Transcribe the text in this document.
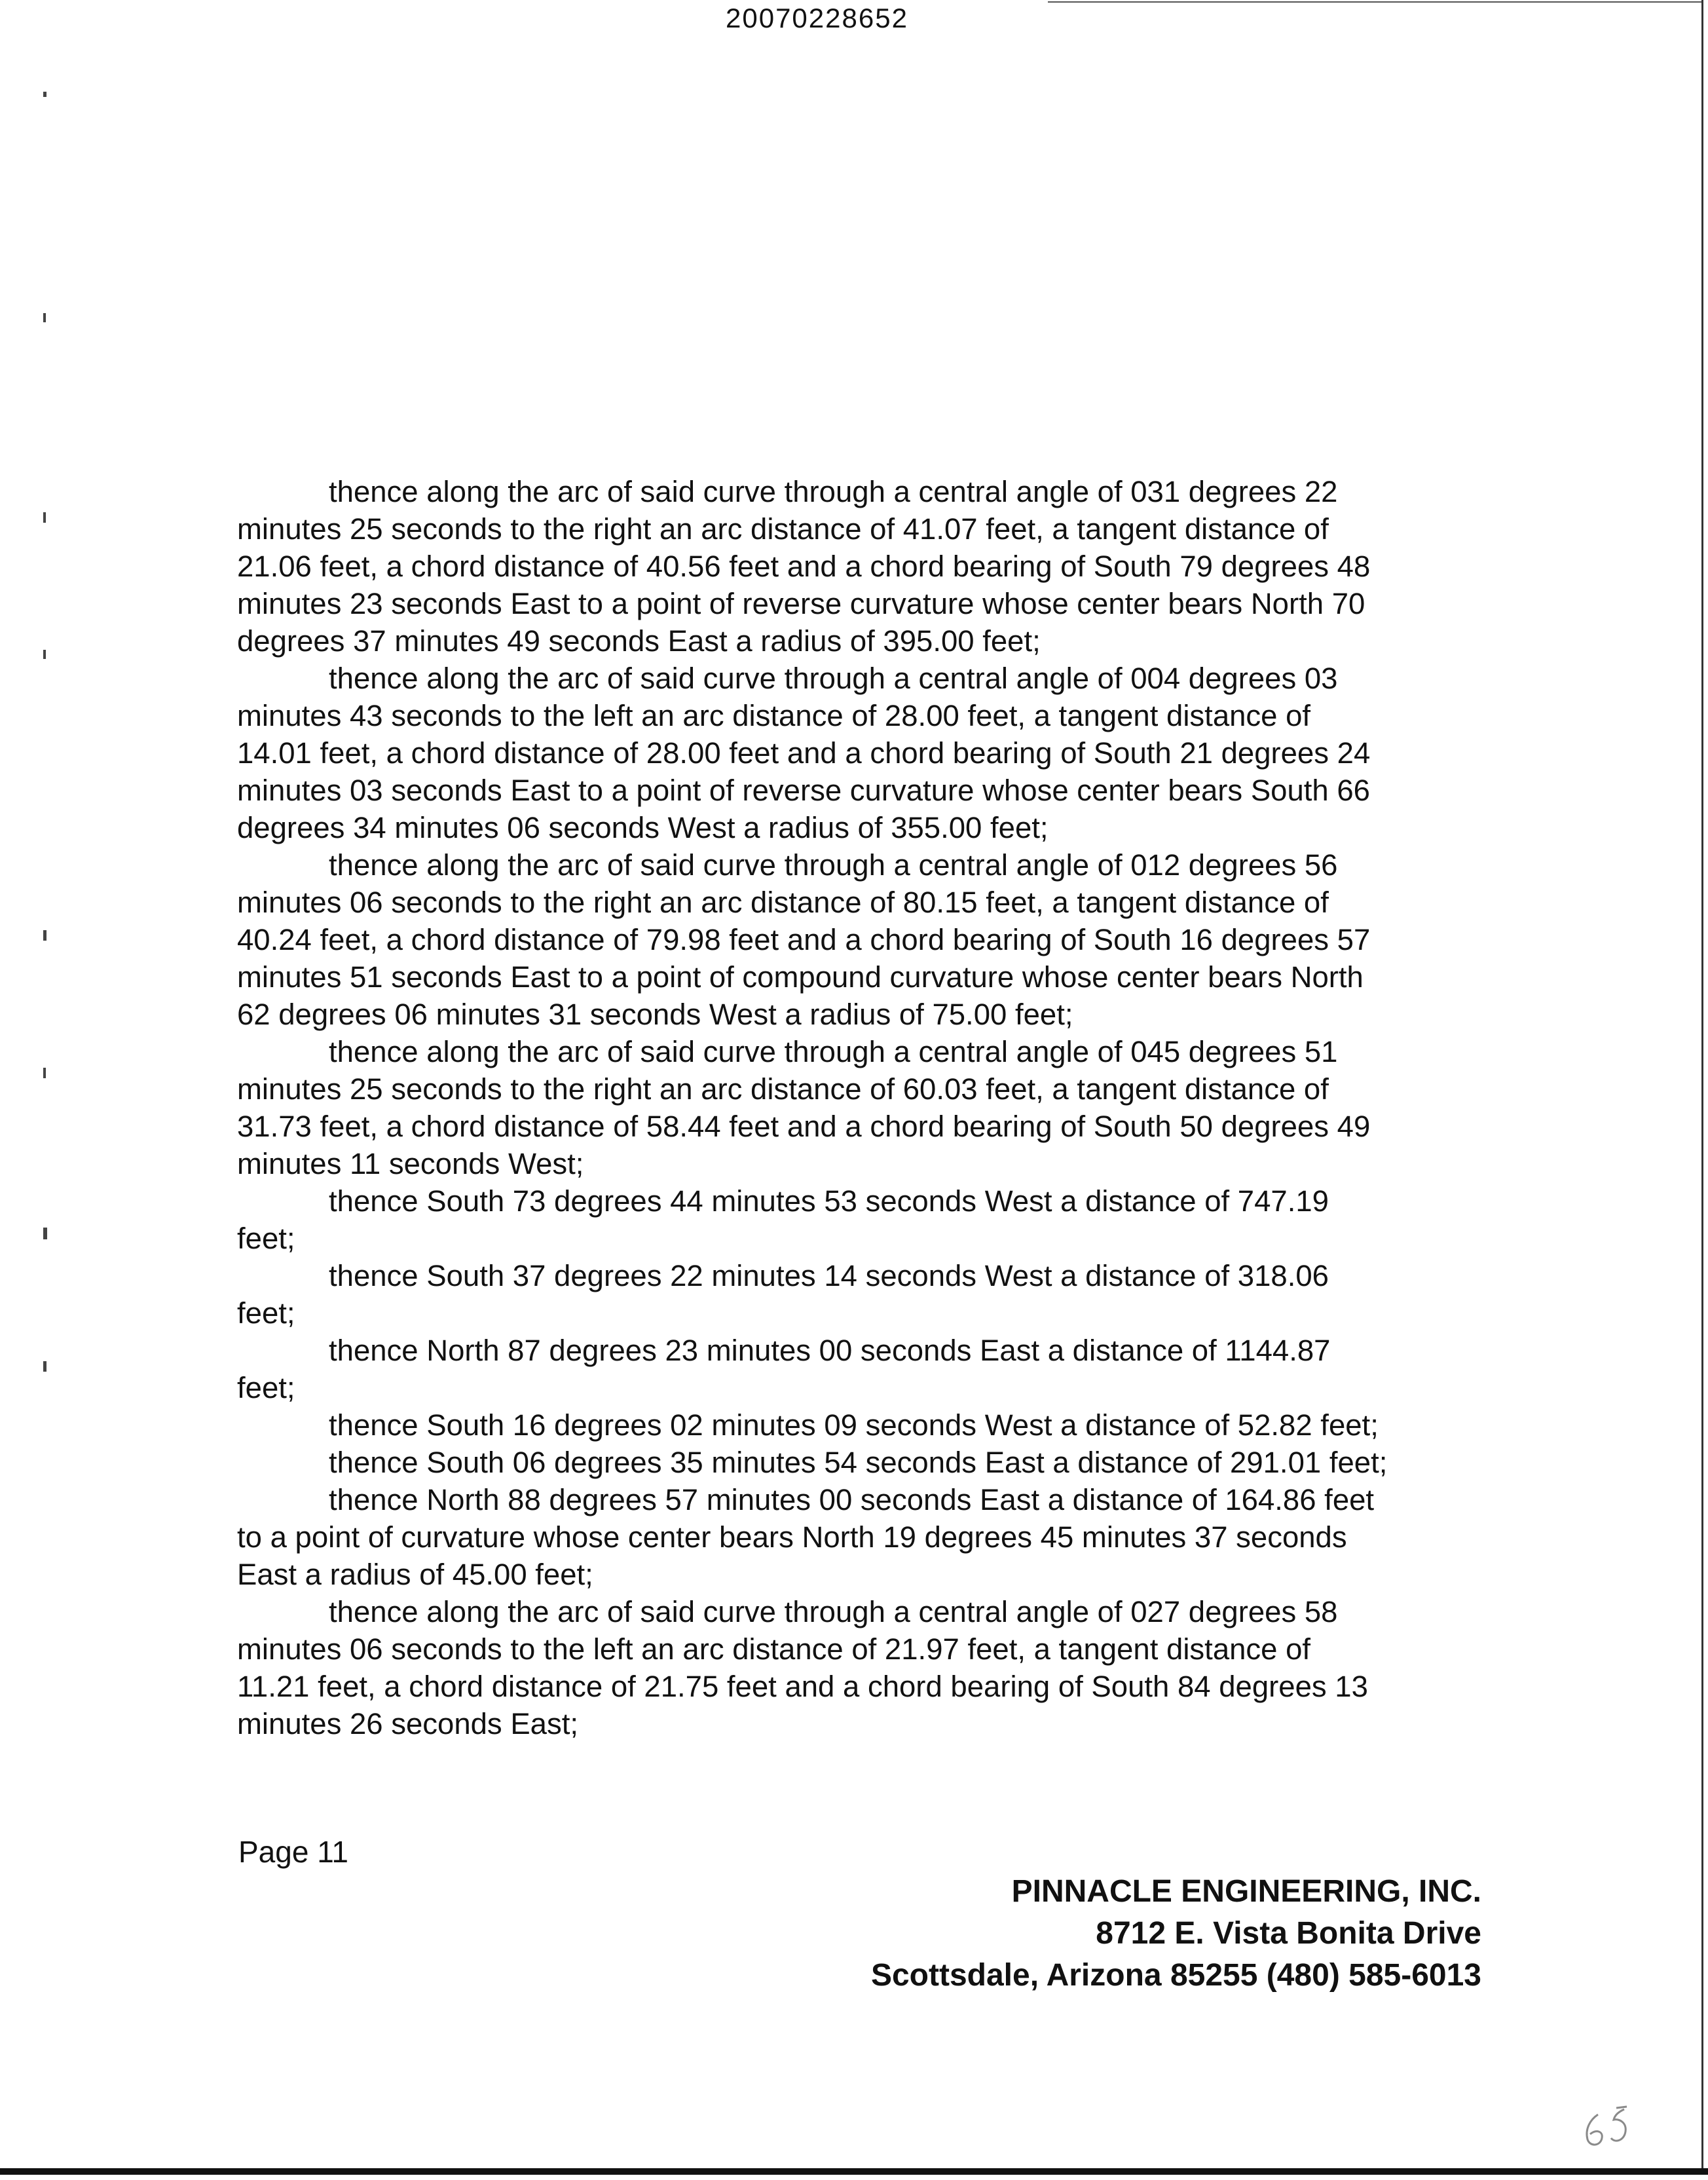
20070228652

thence along the arc of said curve through a central angle of 031 degrees 22
minutes 25 seconds to the right an arc distance of 41.07 feet, a tangent distance of
21.06 feet, a chord distance of 40.56 feet and a chord bearing of South 79 degrees 48
minutes 23 seconds East to a point of reverse curvature whose center bears North 70
degrees 37 minutes 49 seconds East a radius of 395.00 feet;

thence along the arc of said curve through a central angle of 004 degrees 03
minutes 43 seconds to the left an arc distance of 28.00 feet, a tangent distance of
14.01 feet, a chord distance of 28.00 feet and a chord bearing of South 21 degrees 24
minutes 03 seconds East to a point of reverse curvature whose center bears South 66
degrees 34 minutes 06 seconds West a radius of 355.00 feet;

thence along the arc of said curve through a central angle of 012 degrees 56
minutes 06 seconds to the right an arc distance of 80.15 feet, a tangent distance of
40.24 feet, a chord distance of 79.98 feet and a chord bearing of South 16 degrees 57
minutes 51 seconds East to a point of compound curvature whose center bears North
62 degrees 06 minutes 31 seconds West a radius of 75.00 feet;

thence along the arc of said curve through a central angle of 045 degrees 51
minutes 25 seconds to the right an arc distance of 60.03 feet, a tangent distance of
31.73 feet, a chord distance of 58.44 feet and a chord bearing of South 50 degrees 49
minutes 11 seconds West;

thence South 73 degrees 44 minutes 53 seconds West a distance of 747.19
feet;

thence South 37 degrees 22 minutes 14 seconds West a distance of 318.06
feet;

thence North 87 degrees 23 minutes 00 seconds East a distance of 1144.87
feet;

thence South 16 degrees 02 minutes 09 seconds West a distance of 52.82 feet;

thence South 06 degrees 35 minutes 54 seconds East a distance of 291.01 feet;

thence North 88 degrees 57 minutes 00 seconds East a distance of 164.86 feet
to a point of curvature whose center bears North 19 degrees 45 minutes 37 seconds
East a radius of 45.00 feet;

thence along the arc of said curve through a central angle of 027 degrees 58
minutes 06 seconds to the left an arc distance of 21.97 feet, a tangent distance of
11.21 feet, a chord distance of 21.75 feet and a chord bearing of South 84 degrees 13
minutes 26 seconds East;

Page 11
PINNACLE ENGINEERING, INC.
8712 E. Vista Bonita Drive
Scottsdale, Arizona 85255 (480) 585-6013
